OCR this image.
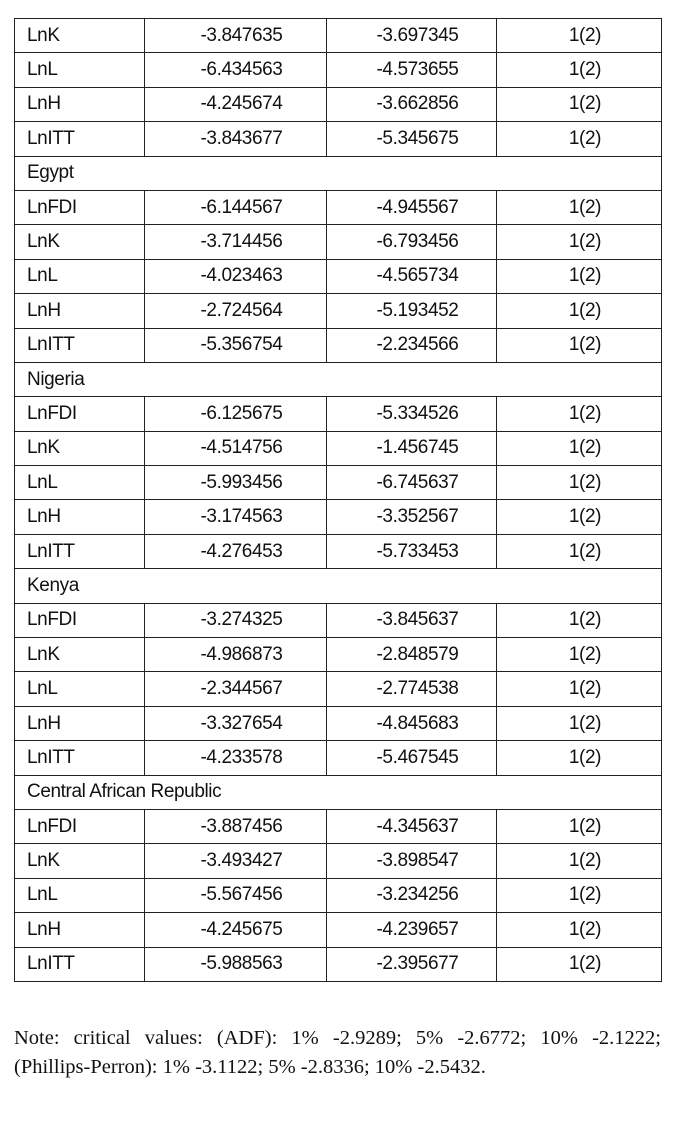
LnK	-3.847635	-3.697345	1(2)
LnL	-6.434563	-4.573655	1(2)
LnH	-4.245674	-3.662856	1(2)
LnITT	-3.843677	-5.345675	1(2)
Egypt			
LnFDI	-6.144567	-4.945567	1(2)
LnK	-3.714456	-6.793456	1(2)
LnL	-4.023463	-4.565734	1(2)
LnH	-2.724564	-5.193452	1(2)
LnITT	-5.356754	-2.234566	1(2)
Nigeria			
LnFDI	-6.125675	-5.334526	1(2)
LnK	-4.514756	-1.456745	1(2)
LnL	-5.993456	-6.745637	1(2)
LnH	-3.174563	-3.352567	1(2)
LnITT	-4.276453	-5.733453	1(2)
Kenya			
LnFDI	-3.274325	-3.845637	1(2)
LnK	-4.986873	-2.848579	1(2)
LnL	-2.344567	-2.774538	1(2)
LnH	-3.327654	-4.845683	1(2)
LnITT	-4.233578	-5.467545	1(2)
Central African Republic			
LnFDI	-3.887456	-4.345637	1(2)
LnK	-3.493427	-3.898547	1(2)
LnL	-5.567456	-3.234256	1(2)
LnH	-4.245675	-4.239657	1(2)
LnITT	-5.988563	-2.395677	1(2)

Note: critical values: (ADF): 1% -2.9289; 5% -2.6772; 10% -2.1222; (Phillips-Perron): 1% -3.1122; 5% -2.8336; 10% -2.5432.
